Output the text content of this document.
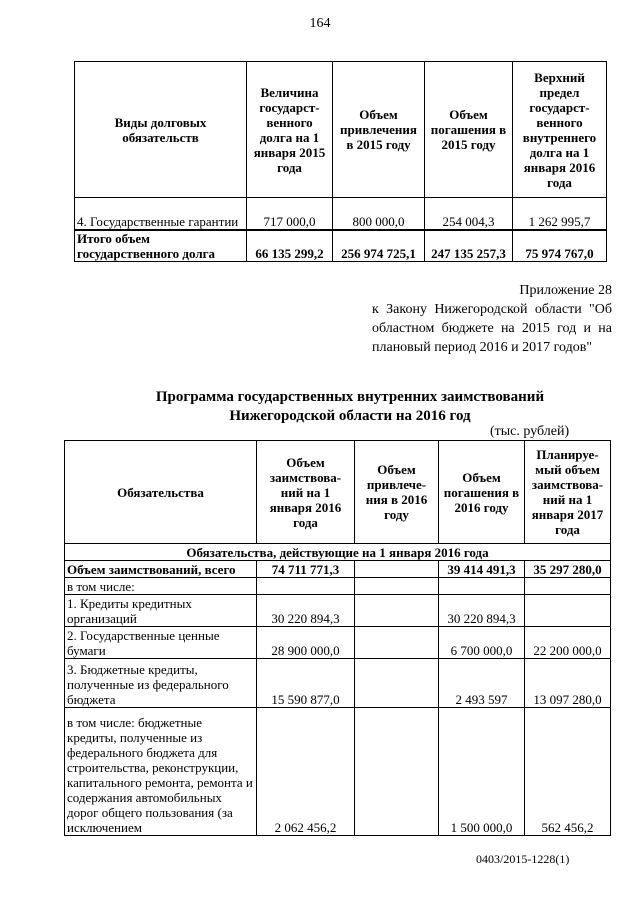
164
Виды долговых обязательств	Величина государст-венного долга на 1 января 2015 года	Объем привлечения в 2015 году	Объем погашения в 2015 году	Верхний предел государст-венного внутреннего долга на 1 января 2016 года
4. Государственные гарантии	717 000,0	800 000,0	254 004,3	1 262 995,7
Итого объем государственного долга	66 135 299,2	256 974 725,1	247 135 257,3	75 974 767,0
Приложение 28
к Закону Нижегородской области "Об областном бюджете на 2015 год и на плановый период 2016 и 2017 годов"
Программа государственных внутренних заимствований
Нижегородской области на 2016 год
(тыс. рублей)
Обязательства	Объем заимствова-ний на 1 января 2016 года	Объем привлече-ния в 2016 году	Объем погашения в 2016 году	Планируе-мый объем заимствова-ний на 1 января 2017 года
Обязательства, действующие на 1 января 2016 года				
Объем заимствований, всего	74 711 771,3		39 414 491,3	35 297 280,0
в том числе:				
1. Кредиты кредитных организаций	30 220 894,3		30 220 894,3	
2. Государственные ценные бумаги	28 900 000,0		6 700 000,0	22 200 000,0
3. Бюджетные кредиты, полученные из федерального бюджета	15 590 877,0		2 493 597	13 097 280,0
в том числе: бюджетные кредиты, полученные из федерального бюджета для строительства, реконструкции, капитального ремонта, ремонта и содержания автомобильных дорог общего пользования (за исключением	2 062 456,2		1 500 000,0	562 456,2
0403/2015-1228(1)
